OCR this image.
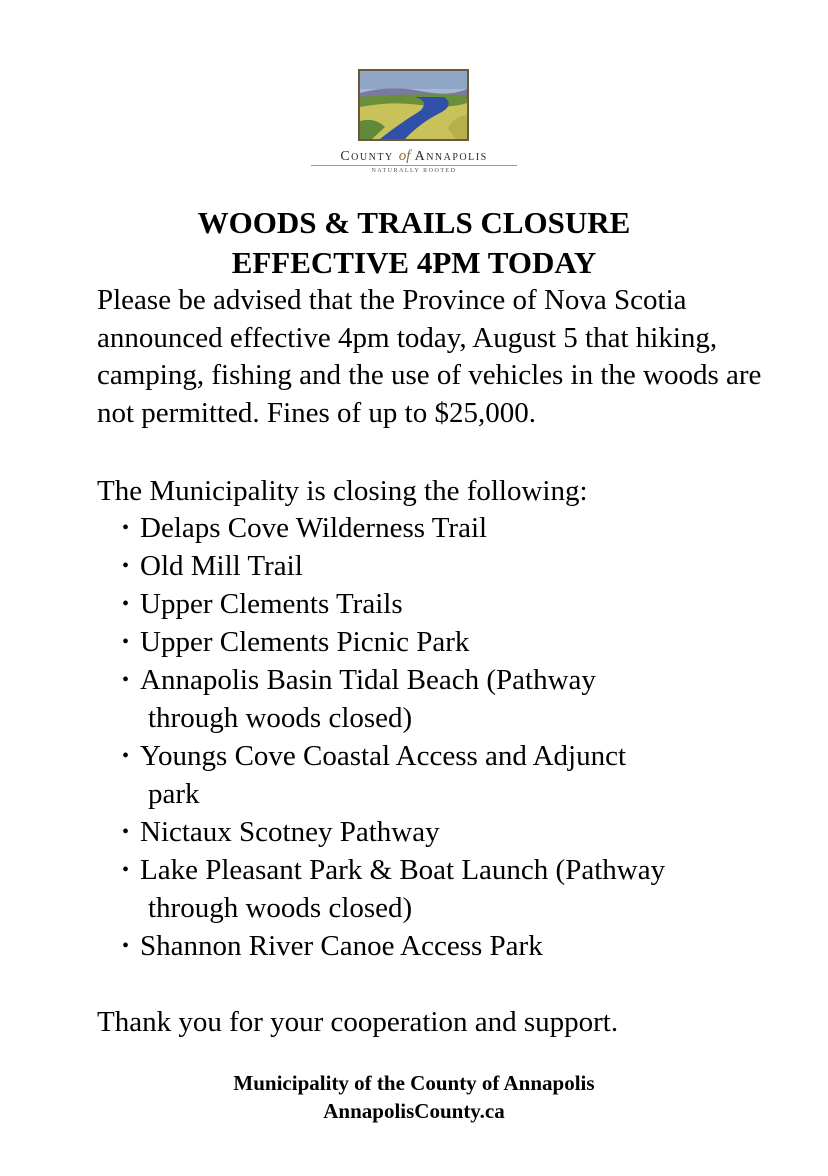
County of Annapolis
NATURALLY ROOTED
WOODS & TRAILS CLOSURE
EFFECTIVE 4PM TODAY

Please be advised that the Province of Nova Scotia announced effective 4pm today, August 5 that hiking, camping, fishing and the use of vehicles in the woods are not permitted. Fines of up to $25,000.

The Municipality is closing the following:

• Delaps Cove Wilderness Trail
• Old Mill Trail
• Upper Clements Trails
• Upper Clements Picnic Park
• Annapolis Basin Tidal Beach (Pathway
through woods closed)
• Youngs Cove Coastal Access and Adjunct
park
• Nictaux Scotney Pathway
• Lake Pleasant Park & Boat Launch (Pathway
through woods closed)
• Shannon River Canoe Access Park

Thank you for your cooperation and support.

Municipality of the County of Annapolis
AnnapolisCounty.ca
